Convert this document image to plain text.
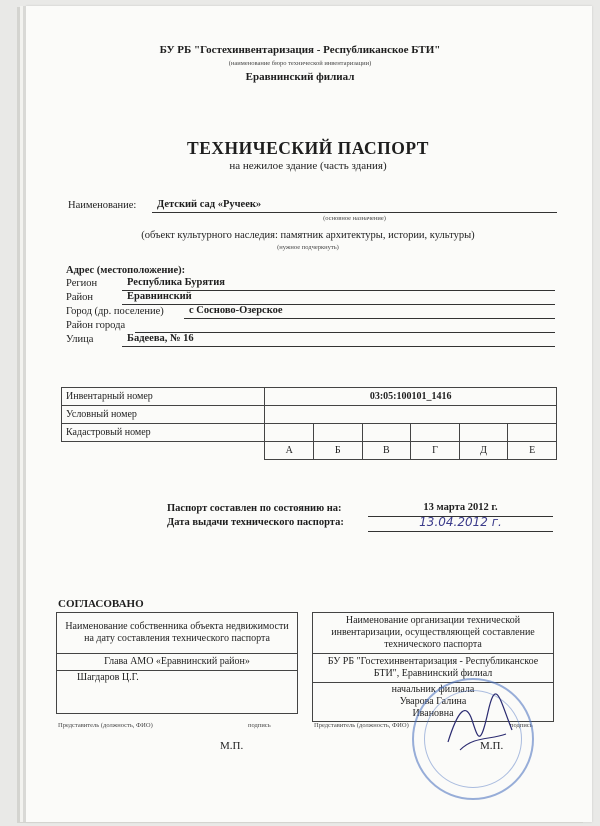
БУ РБ "Гостехинвентаризация - Республиканское БТИ"
(наименование бюро технической инвентаризации)
Еравнинский филиал
ТЕХНИЧЕСКИЙ ПАСПОРТ
на нежилое здание (часть здания)
Наименование: Детский сад «Ручеек»
(основное назначение)
(объект культурного наследия: памятник архитектуры, истории, культуры)
(нужное подчеркнуть)
Адрес (местоположение):
Регион	Республика Бурятия
Район	Еравнинский
Город (др. поселение) с Сосново-Озерское
Район города
Улица	Бадеева, № 16
Инвентарный номер	03:05:100101_1416					
Условный номер						
Кадастровый номер						
	А	Б	В	Г	Д	Е
Паспорт составлен по состоянию на:	13 марта 2012 г.
Дата выдачи технического паспорта:	13.04.2012 г.
СОГЛАСОВАНО
Наименование собственника объекта недвижимости на дату составления технического паспорта
Глава АМО «Еравнинский район»
Шагдаров Ц.Г.
Наименование организации технической инвентаризации, осуществляющей составление технического паспорта
БУ РБ "Гостехинвентаризация - Республиканское БТИ", Еравнинский филиал

начальник филиала
Уварова Галина
Ивановна
Представитель (должность, ФИО)	подпись	Представитель (должность, ФИО)	подпись
М.П.	М.П.
